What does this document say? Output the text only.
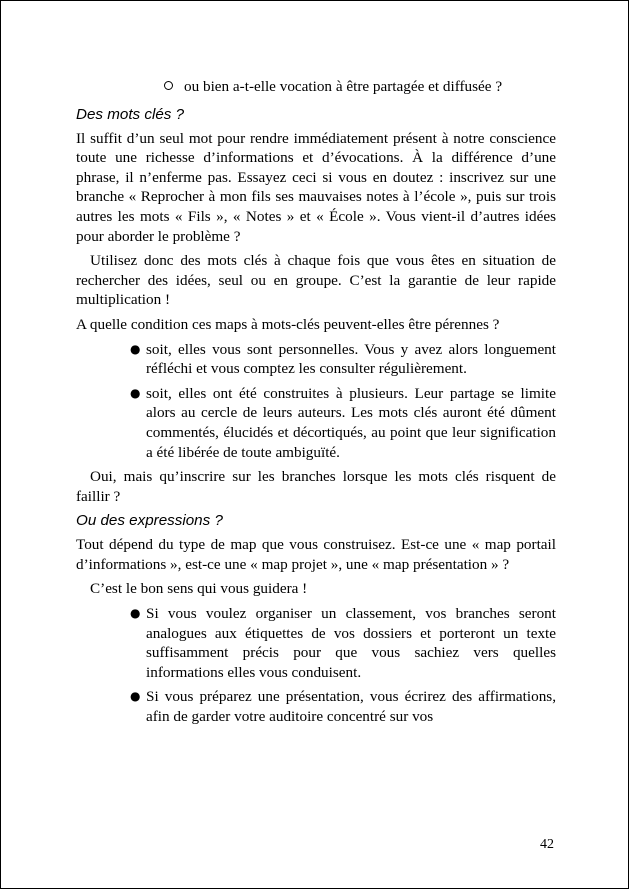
ou bien a-t-elle vocation à être partagée et diffusée ?
Des mots clés ?

Il suffit d’un seul mot pour rendre immédiatement présent à notre conscience toute une richesse d’informations et d’évocations. À la différence d’une phrase, il n’enferme pas. Essayez ceci si vous en doutez : inscrivez sur une branche « Reprocher à mon fils ses mauvaises notes à l’école », puis sur trois autres les mots « Fils », « Notes » et « École ». Vous vient-il d’autres idées pour aborder le problème ?

Utilisez donc des mots clés à chaque fois que vous êtes en situation de rechercher des idées, seul ou en groupe. C’est la garantie de leur rapide multiplication !

A quelle condition ces maps à mots-clés peuvent-elles être pérennes ?

● soit, elles vous sont personnelles. Vous y avez alors longuement réfléchi et vous comptez les consulter régulièrement.
● soit, elles ont été construites à plusieurs. Leur partage se limite alors au cercle de leurs auteurs. Les mots clés auront été dûment commentés, élucidés et décortiqués, au point que leur signification a été libérée de toute ambiguïté.

Oui, mais qu’inscrire sur les branches lorsque les mots clés risquent de faillir ?

Ou des expressions ?

Tout dépend du type de map que vous construisez. Est-ce une « map portail d’informations », est-ce une « map projet », une « map présentation » ?

C’est le bon sens qui vous guidera !

● Si vous voulez organiser un classement, vos branches seront analogues aux étiquettes de vos dossiers et porteront un texte suffisamment précis pour que vous sachiez vers quelles informations elles vous conduisent.
● Si vous préparez une présentation, vous écrirez des affirmations, afin de garder votre auditoire concentré sur vos
42
